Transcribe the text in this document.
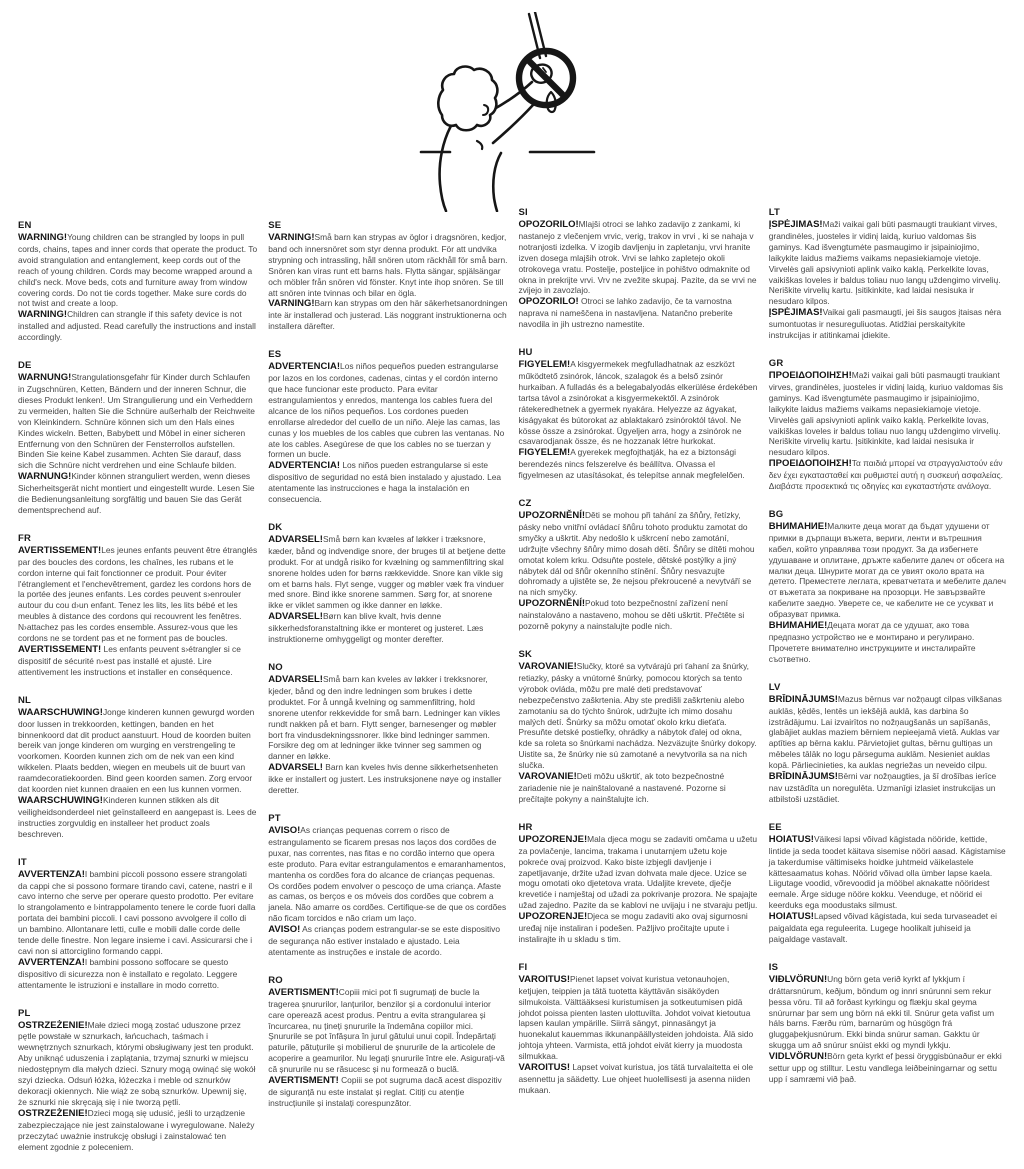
EN

WARNING!Young children can be strangled by loops in pull cords, chains, tapes and inner cords that operate the product. To avoid strangulation and entanglement, keep cords out of the reach of young children. Cords may become wrapped around a child's neck. Move beds, cots and furniture away from window covering cords. Do not tie cords together. Make sure cords do not twist and create a loop.

WARNING!Children can strangle if this safety device is not installed and adjusted. Read carefully the instructions and install accordingly.

DE

WARNUNG!Strangulationsgefahr für Kinder durch Schlaufen in Zugschnüren, Ketten, Bändern und der inneren Schnur, die dieses Produkt lenken!. Um Strangulierung und ein Verheddern zu vermeiden, halten Sie die Schnüre außerhalb der Reichweite von Kleinkindern. Schnüre können sich um den Hals eines Kindes wickeln. Betten, Babybett und Möbel in einer sicheren Entfernung von den Schnüren der Fensterrollos aufstellen. Binden Sie keine Kabel zusammen. Achten Sie darauf, dass sich die Schnüre nicht verdrehen und eine Schlaufe bilden.

WARNUNG!Kinder können stranguliert werden, wenn dieses Sicherheitsgerät nicht montiert und eingestellt wurde. Lesen Sie die Bedienungsanleitung sorgfältig und bauen Sie das Gerät dementsprechend auf.

FR

AVERTISSEMENT!Les jeunes enfants peuvent être étranglés par des boucles des cordons, les chaînes, les rubans et le cordon interne qui fait fonctionner ce produit. Pour éviter l'étranglement et l'enchevêtrement, gardez les cordons hors de la portée des jeunes enfants. Les cordes peuvent s›enrouler autour du cou d›un enfant. Tenez les lits, les lits bébé et les meubles à distance des cordons qui recouvrent les fenêtres. N›attachez pas les cordes ensemble. Assurez-vous que les cordons ne se tordent pas et ne forment pas de boucles.

AVERTISSEMENT! Les enfants peuvent s›étrangler si ce dispositif de sécurité n›est pas installé et ajusté. Lire attentivement les instructions et installer en conséquence.

NL

WAARSCHUWING!Jonge kinderen kunnen gewurgd worden door lussen in trekkoorden, kettingen, banden en het binnenkoord dat dit product aanstuurt. Houd de koorden buiten bereik van jonge kinderen om wurging en verstrengeling te voorkomen. Koorden kunnen zich om de nek van een kind wikkelen. Plaats bedden, wiegen en meubels uit de buurt van raamdecoratiekoorden. Bind geen koorden samen. Zorg ervoor dat koorden niet kunnen draaien en een lus kunnen vormen.

WAARSCHUWING!Kinderen kunnen stikken als dit veiligheidsonderdeel niet geïnstalleerd en aangepast is. Lees de instructies zorgvuldig en installeer het product zoals beschreven.

IT

AVVERTENZA!I bambini piccoli possono essere strangolati da cappi che si possono formare tirando cavi, catene, nastri e il cavo interno che serve per operare questo prodotto. Per evitare lo strangolamento e l›intrappolamento tenere le corde fuori dalla portata dei bambini piccoli. I cavi possono avvolgere il collo di un bambino. Allontanare letti, culle e mobili dalle corde delle tende delle finestre. Non legare insieme i cavi. Assicurarsi che i cavi non si attorciglino formando cappi.

AVVERTENZA!I bambini possono soffocare se questo dispositivo di sicurezza non è installato e regolato. Leggere attentamente le istruzioni e installare in modo corretto.

PL

OSTRZEŻENIE!Małe dzieci mogą zostać uduszone przez pętle powstałe w sznurkach, łańcuchach, taśmach i wewnętrznych sznurkach, którymi obsługiwany jest ten produkt. Aby uniknąć uduszenia i zaplątania, trzymaj sznurki w miejscu niedostępnym dla małych dzieci. Sznury mogą owinąć się wokół szyi dziecka. Odsuń łóżka, łóżeczka i meble od sznurków dekoracji okiennych. Nie wiąż ze sobą sznurków. Upewnij się, że sznurki nie skręcają się i nie tworzą pętli.

OSTRZEŻENIE!Dzieci mogą się udusić, jeśli to urządzenie zabezpieczające nie jest zainstalowane i wyregulowane. Należy przeczytać uważnie instrukcję obsługi i zainstalować ten element zgodnie z poleceniem.

SE

VARNING!Små barn kan strypas av öglor i dragsnören, kedjor, band och innersnöret som styr denna produkt. För att undvika strypning och intrassling, håll snören utom räckhåll för små barn. Snören kan viras runt ett barns hals. Flytta sängar, spjälsängar och möbler från snören vid fönster. Knyt inte ihop snören. Se till att snören inte tvinnas och bilar en ögla.

VARNING!Barn kan strypas om den här säkerhetsanordningen inte är installerad och justerad. Läs noggrant instruktionerna och installera därefter.

ES

ADVERTENCIA!Los niños pequeños pueden estrangularse por lazos en los cordones, cadenas, cintas y el cordón interno que hace funcionar este producto. Para evitar estrangulamientos y enredos, mantenga los cables fuera del alcance de los niños pequeños. Los cordones pueden enrollarse alrededor del cuello de un niño. Aleje las camas, las cunas y los muebles de los cables que cubren las ventanas. No ate los cables. Asegúrese de que los cables no se tuerzan y formen un bucle.

ADVERTENCIA! Los niños pueden estrangularse si este dispositivo de seguridad no está bien instalado y ajustado. Lea atentamente las instrucciones e haga la instalación en consecuencia.

DK

ADVARSEL!Små børn kan kvæles af løkker i træksnore, kæder, bånd og indvendige snore, der bruges til at betjene dette produkt. For at undgå risiko for kvælning og sammenfiltring skal snorene holdes uden for børns rækkevidde. Snore kan vikle sig om et barns hals. Flyt senge, vugger og møbler væk fra vinduer med snore. Bind ikke snorene sammen. Sørg for, at snorene ikke er viklet sammen og ikke danner en løkke.

ADVARSEL!Børn kan blive kvalt, hvis denne sikkerhedsforanstaltning ikke er monteret og justeret. Læs instruktionerne omhyggeligt og monter derefter.

NO

ADVARSEL!Små barn kan kveles av løkker i trekksnorer, kjeder, bånd og den indre ledningen som brukes i dette produktet. For å unngå kvelning og sammenfiltring, hold snorene utenfor rekkevidde for små barn. Ledninger kan vikles rundt nakken på et barn. Flytt senger, barnesenger og møbler bort fra vindusdekningssnorer. Ikke bind ledninger sammen. Forsikre deg om at ledninger ikke tvinner seg sammen og danner en løkke.

ADVARSEL! Barn kan kveles hvis denne sikkerhetsenheten ikke er installert og justert. Les instruksjonene nøye og installer deretter.

PT

AVISO!As crianças pequenas correm o risco de estrangulamento se ficarem presas nos laços dos cordões de puxar, nas correntes, nas fitas e no cordão interno que opera este produto. Para evitar estrangulamentos e emaranhamentos, mantenha os cordões fora do alcance de crianças pequenas. Os cordões podem envolver o pescoço de uma criança. Afaste as camas, os berços e os móveis dos cordões que cobrem a janela. Não amarre os cordões. Certifique-se de que os cordões não ficam torcidos e não criam um laço.

AVISO! As crianças podem estrangular-se se este dispositivo de segurança não estiver instalado e ajustado. Leia atentamente as instruções e instale de acordo.

RO

AVERTISMENT!Copiii mici pot fi sugrumați de bucle la tragerea șnururilor, lanțurilor, benzilor și a cordonului interior care operează acest produs. Pentru a evita strangularea și încurcarea, nu țineți șnururile la îndemâna copiilor mici. Șnururile se pot înfășura în jurul gâtului unui copil. Îndepărtați paturile, pătuțurile și mobilierul de șnururile de la articolele de acoperire a geamurilor. Nu legați șnururile între ele. Asigurați-vă că șnururile nu se răsucesc și nu formează o buclă.

AVERTISMENT! Copiii se pot sugruma dacă acest dispozitiv de siguranță nu este instalat și reglat. Citiți cu atenție instrucțiunile și instalați corespunzător.

SI

OPOZORILO!Mlajši otroci se lahko zadavijo z zankami, ki nastanejo z vlečenjem vrvic, verig, trakov in vrvi , ki se nahaja v notranjosti izdelka. V izogib davljenju in zapletanju, vrvi hranite izven dosega mlajših otrok. Vrvi se lahko zapletejo okoli otrokovega vratu. Postelje, posteljice in pohištvo odmaknite od okna in prekrijte vrvi. Vrv ne zvežite skupaj. Pazite, da se vrvi ne zvijejo in zavozlajo.

OPOZORILO! Otroci se lahko zadavijo, če ta varnostna naprava ni nameščena in nastavljena. Natančno preberite navodila in jih ustrezno namestite.

HU

FIGYELEM!A kisgyermekek megfulladhatnak az eszközt működtető zsinórok, láncok, szalagok és a belső zsinór hurkaiban. A fulladás és a belegabalyodás elkerülése érdekében tartsa távol a zsinórokat a kisgyermekektől. A zsinórok rátekeredhetnek a gyermek nyakára. Helyezze az ágyakat, kiságyakat és bútorokat az ablaktakaró zsinóroktól távol. Ne kösse össze a zsinórokat. Ügyeljen arra, hogy a zsinórok ne csavarodjanak össze, és ne hozzanak létre hurkokat.

FIGYELEM!A gyerekek megfojthatják, ha ez a biztonsági berendezés nincs felszerelve és beállítva. Olvassa el figyelmesen az utasításokat, és telepítse annak megfelelően.

CZ

UPOZORNĚNÍ!Děti se mohou při tahání za šňůry, řetízky, pásky nebo vnitřní ovládací šňůru tohoto produktu zamotat do smyčky a uškrtit. Aby nedošlo k uškrcení nebo zamotání, udržujte všechny šňůry mimo dosah dětí. Šňůry se dítěti mohou omotat kolem krku. Odsuňte postele, dětské postýlky a jiný nábytek dál od šňůr okenního stínění. Šňůry nesvazujte dohromady a ujistěte se, že nejsou překroucené a nevytváří se na nich smyčky.

UPOZORNĚNÍ!Pokud toto bezpečnostní zařízení není nainstalováno a nastaveno, mohou se děti uškrtit. Přečtěte si pozorně pokyny a nainstalujte podle nich.

SK

VAROVANIE!Slučky, ktoré sa vytvárajú pri ťahaní za šnúrky, retiazky, pásky a vnútorné šnúrky, pomocou ktorých sa tento výrobok ovláda, môžu pre malé deti predstavovať nebezpečenstvo zaškrtenia. Aby ste predišli zaškrteniu alebo zamotaniu sa do týchto šnúrok, udržujte ich mimo dosahu malých detí. Šnúrky sa môžu omotať okolo krku dieťaťa. Presuňte detské postieľky, ohrádky a nábytok ďalej od okna, kde sa roleta so šnúrkami nachádza. Nezväzujte šnúrky dokopy. Uistite sa, že šnúrky nie sú zamotané a nevytvorila sa na nich slučka.

VAROVANIE!Deti môžu uškrtiť, ak toto bezpečnostné zariadenie nie je nainštalované a nastavené. Pozorne si prečítajte pokyny a nainštalujte ich.

HR

UPOZORENJE!Mala djeca mogu se zadaviti omčama u užetu za povlačenje, lancima, trakama i unutarnjem užetu koje pokreće ovaj proizvod. Kako biste izbjegli davljenje i zapetljavanje, držite užad izvan dohvata male djece. Uzice se mogu omotati oko djetetova vrata. Udaljite krevete, dječje krevetiće i namještaj od užadi za pokrivanje prozora. Ne spajajte užad zajedno. Pazite da se kablovi ne uvijaju i ne stvaraju petlju.

UPOZORENJE!Djeca se mogu zadaviti ako ovaj sigurnosni uređaj nije instaliran i podešen. Pažljivo pročitajte upute i instalirajte ih u skladu s tim.

FI

VAROITUS!Pienet lapset voivat kuristua vetonauhojen, ketjujen, teippien ja tätä tuotetta käyttävän sisäköyden silmukoista. Välttääksesi kuristumisen ja sotkeutumisen pidä johdot poissa pienten lasten ulottuvilta. Johdot voivat kietoutua lapsen kaulan ympärille. Siirrä sängyt, pinnasängyt ja huonekalut kauemmas ikkunanpäällysteiden johdoista. Älä sido johtoja yhteen. Varmista, että johdot eivät kierry ja muodosta silmukkaa.

VAROITUS! Lapset voivat kuristua, jos tätä turvalaitetta ei ole asennettu ja säädetty. Lue ohjeet huolellisesti ja asenna niiden mukaan.

LT

ĮSPĖJIMAS!Maži vaikai gali būti pasmaugti traukiant virves, grandinėles, juosteles ir vidinį laidą, kuriuo valdomas šis gaminys. Kad išvengtumėte pasmaugimo ir įsipainiojimo, laikykite laidus mažiems vaikams nepasiekiamoje vietoje. Virvelės gali apsivynioti aplink vaiko kaklą. Perkelkite lovas, vaikiškas loveles ir baldus toliau nuo langų uždengimo virvelių. Neriškite virvelių kartu. Įsitikinkite, kad laidai nesisuka ir nesudaro kilpos.

ĮSPĖJIMAS!Vaikai gali pasmaugti, jei šis saugos įtaisas nėra sumontuotas ir nesureguliuotas. Atidžiai perskaitykite instrukcijas ir atitinkamai įdiekite.

GR

ΠΡΟΕΙΔΟΠΟΙΗΣΗ!Maži vaikai gali būti pasmaugti traukiant virves, grandinėles, juosteles ir vidinį laidą, kuriuo valdomas šis gaminys. Kad išvengtumėte pasmaugimo ir įsipainiojimo, laikykite laidus mažiems vaikams nepasiekiamoje vietoje. Virvelės gali apsivynioti aplink vaiko kaklą. Perkelkite lovas, vaikiškas loveles ir baldus toliau nuo langų uždengimo virvelių. Neriškite virvelių kartu. Įsitikinkite, kad laidai nesisuka ir nesudaro kilpos.

ΠΡΟΕΙΔΟΠΟΙΗΣΗ!Τα παιδιά μπορεί να στραγγαλιστούν εάν δεν έχει εγκατασταθεί και ρυθμιστεί αυτή η συσκευή ασφαλείας. Διαβάστε προσεκτικά τις οδηγίες και εγκαταστήστε ανάλογα.

BG

ВНИМАНИЕ!Малките деца могат да бъдат удушени от примки в дърпащи въжета, вериги, ленти и вътрешния кабел, който управлява този продукт. За да избегнете удушаване и оплитане, дръжте кабелите далеч от обсега на малки деца. Шнурите могат да се увият около врата на детето. Преместете леглата, креватчетата и мебелите далеч от въжетата за покриване на прозорци. Не завързвайте кабелите заедно. Уверете се, че кабелите не се усукват и образуват примка.

ВНИМАНИЕ!Децата могат да се удушат, ако това предпазно устройство не е монтирано и регулирано. Прочетете внимателно инструкциите и инсталирайте съответно.

LV

BRĪDINĀJUMS!Mazus bērnus var nožņaugt cilpas vilkšanas auklās, ķēdēs, lentēs un iekšējā auklā, kas darbina šo izstrādājumu. Lai izvairītos no nožņaugšanās un sapīšanās, glabājiet auklas maziem bērniem nepieejamā vietā. Auklas var aptīties ap bērna kaklu. Pārvietojiet gultas, bērnu gultiņas un mēbeles tālāk no logu pārseguma auklām. Nesieniet auklas kopā. Pārliecinieties, ka auklas negriežas un neveido cilpu.

BRĪDINĀJUMS!Bērni var nožņaugties, ja šī drošības ierīce nav uzstādīta un noregulēta. Uzmanīgi izlasiet instrukcijas un atbilstoši uzstādiet.

EE

HOIATUS!Väikesi lapsi võivad kägistada nööride, kettide, lintide ja seda toodet käitava sisemise nööri aasad. Kägistamise ja takerdumise vältimiseks hoidke juhtmeid väikelastele kättesaamatus kohas. Nöörid võivad olla ümber lapse kaela. Liigutage voodid, võrevoodid ja mööbel aknakatte nööridest eemale. Ärge siduge nööre kokku. Veenduge, et nöörid ei keerduks ega moodustaks silmust.

HOIATUS!Lapsed võivad kägistada, kui seda turvaseadet ei paigaldata ega reguleerita. Lugege hoolikalt juhiseid ja paigaldage vastavalt.

IS

VIÐLVÖRUN!Ung börn geta verið kyrkt af lykkjum í dráttarsnúrum, keðjum, böndum og innri snúrunni sem rekur þessa vöru. Til að forðast kyrkingu og flækju skal geyma snúrurnar þar sem ung börn ná ekki til. Snúrur geta vafist um háls barns. Færðu rúm, barnarúm og húsgögn frá gluggaþekjusnúrum. Ekki binda snúrur saman. Gakktu úr skugga um að snúrur snúist ekki og myndi lykkju.

VIDLVÖRUN!Börn geta kyrkt ef þessi öryggisbúnaður er ekki settur upp og stilltur. Lestu vandlega leiðbeiningarnar og settu upp í samræmi við það.
